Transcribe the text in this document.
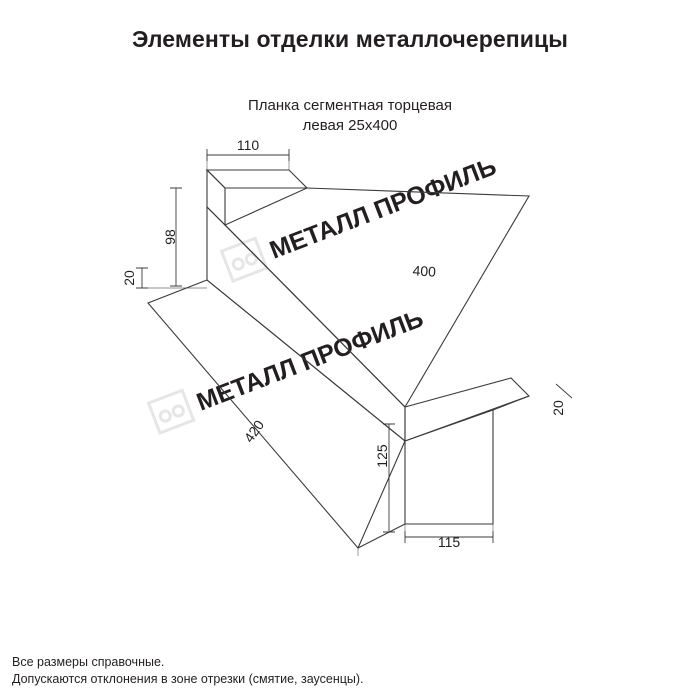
Элементы отделки металлочерепицы
Планка сегментная торцевая
левая 25х400
МЕТАЛЛ ПРОФИЛЬ
МЕТАЛЛ ПРОФИЛЬ
110
98
20	400
20
420
125
115
Все размеры справочные.
Допускаются отклонения в зоне отрезки (смятие, заусенцы).
